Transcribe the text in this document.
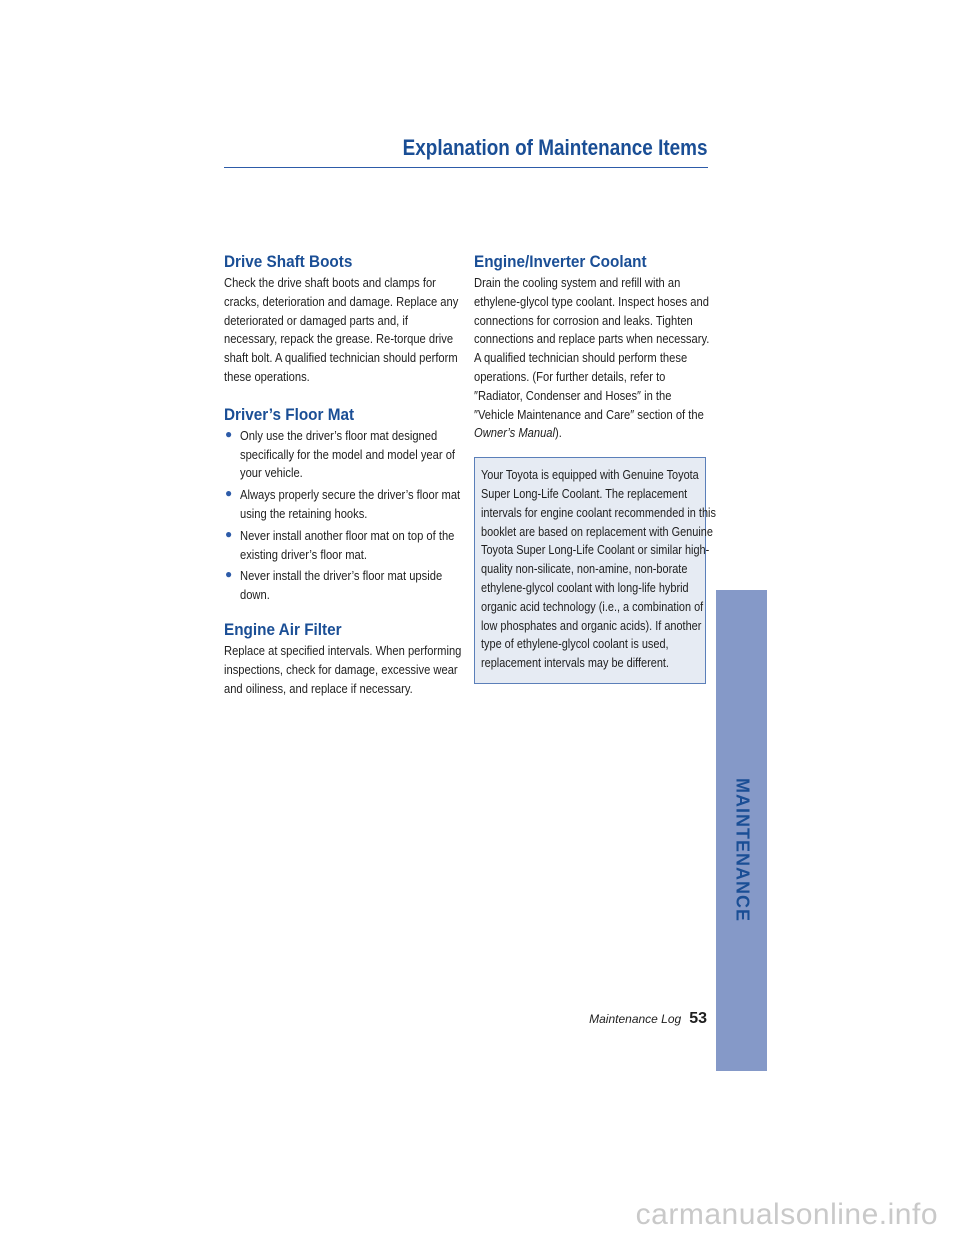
Explanation of Maintenance Items
Drive Shaft Boots

Check the drive shaft boots and clamps for cracks, deterioration and damage. Replace any deteriorated or damaged parts and, if necessary, repack the grease. Re-torque drive shaft bolt. A qualified technician should perform these operations.

Driver’s Floor Mat
● Only use the driver’s floor mat designed specifically for the model and model year of your vehicle.

● Always properly secure the driver’s floor mat using the retaining hooks.

● Never install another floor mat on top of the existing driver’s floor mat.

● Never install the driver’s floor mat upside down.

Engine Air Filter

Replace at specified intervals. When performing inspections, check for damage, excessive wear and oiliness, and replace if necessary.

Engine/Inverter Coolant

Drain the cooling system and refill with an ethylene-glycol type coolant. Inspect hoses and connections for corrosion and leaks. Tighten connections and replace parts when necessary. A qualified technician should perform these operations. (For further details, refer to ″Radiator, Condenser and Hoses″ in the ″Vehicle Maintenance and Care″ section of the Owner’s Manual).

Your Toyota is equipped with Genuine Toyota Super Long-Life Coolant. The replacement intervals for engine coolant recommended in this booklet are based on replacement with Genuine Toyota Super Long-Life Coolant or similar high-quality non-silicate, non-amine, non-borate ethylene-glycol coolant with long-life hybrid organic acid technology (i.e., a combination of low phosphates and organic acids). If another type of ethylene-glycol coolant is used, replacement intervals may be different.

MAINTENANCE
Maintenance Log 53
carmanualsonline.info
